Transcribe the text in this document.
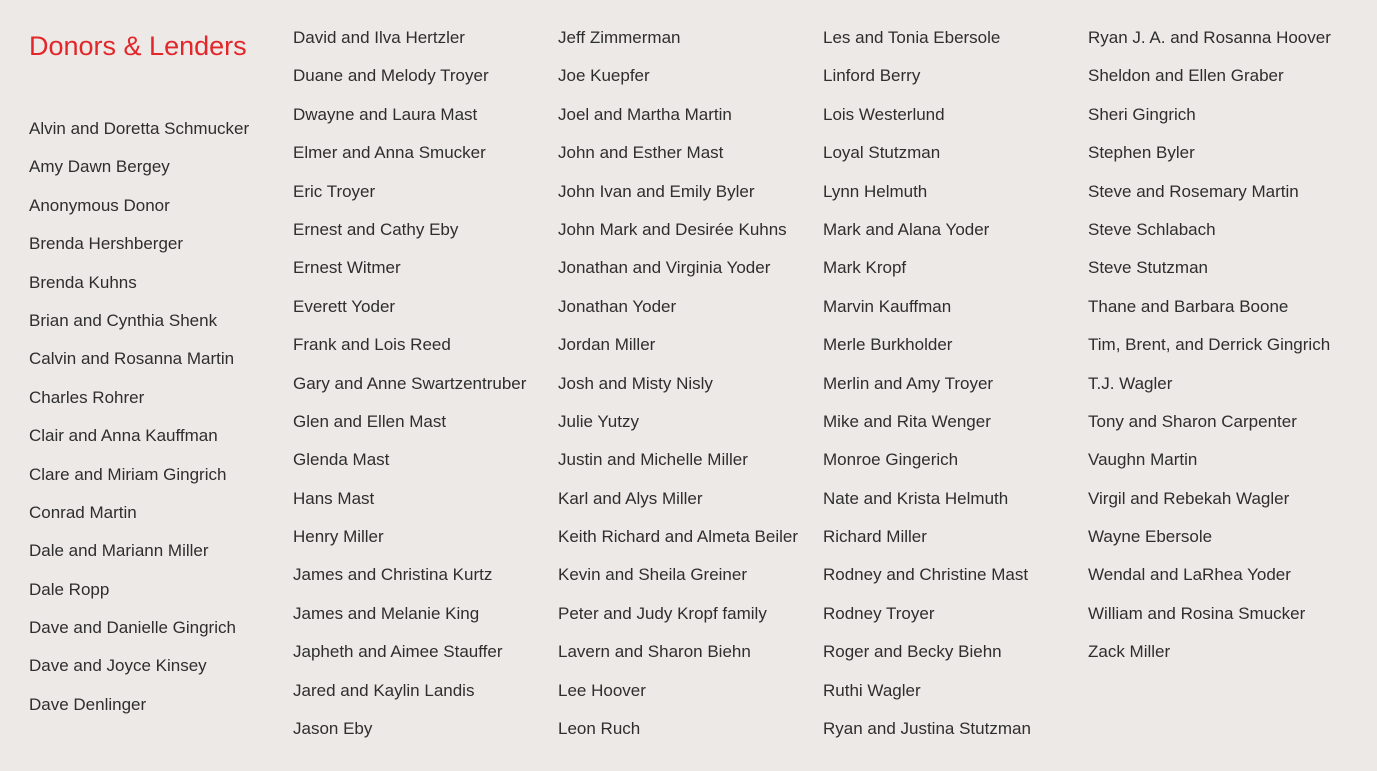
Donors & Lenders
Alvin and Doretta Schmucker
Amy Dawn Bergey
Anonymous Donor
Brenda Hershberger
Brenda Kuhns
Brian and Cynthia Shenk
Calvin and Rosanna Martin
Charles Rohrer
Clair and Anna Kauffman
Clare and Miriam Gingrich
Conrad Martin
Dale and Mariann Miller
Dale Ropp
Dave and Danielle Gingrich
Dave and Joyce Kinsey
Dave Denlinger
David and Ilva Hertzler
Duane and Melody Troyer
Dwayne and Laura Mast
Elmer and Anna Smucker
Eric Troyer
Ernest and Cathy Eby
Ernest Witmer
Everett Yoder
Frank and Lois Reed
Gary and Anne Swartzentruber
Glen and Ellen Mast
Glenda Mast
Hans Mast
Henry Miller
James and Christina Kurtz
James and Melanie King
Japheth and Aimee Stauffer
Jared and Kaylin Landis
Jason Eby
Jeff Zimmerman
Joe Kuepfer
Joel and Martha Martin
John and Esther Mast
John Ivan and Emily Byler
John Mark and Desirée Kuhns
Jonathan and Virginia Yoder
Jonathan Yoder
Jordan Miller
Josh and Misty Nisly
Julie Yutzy
Justin and Michelle Miller
Karl and Alys Miller
Keith Richard and Almeta Beiler
Kevin and Sheila Greiner
Peter and Judy Kropf family
Lavern and Sharon Biehn
Lee Hoover
Leon Ruch
Les and Tonia Ebersole
Linford Berry
Lois Westerlund
Loyal Stutzman
Lynn Helmuth
Mark and Alana Yoder
Mark Kropf
Marvin Kauffman
Merle Burkholder
Merlin and Amy Troyer
Mike and Rita Wenger
Monroe Gingerich
Nate and Krista Helmuth
Richard Miller
Rodney and Christine Mast
Rodney Troyer
Roger and Becky Biehn
Ruthi Wagler
Ryan and Justina Stutzman
Ryan J. A. and Rosanna Hoover
Sheldon and Ellen Graber
Sheri Gingrich
Stephen Byler
Steve and Rosemary Martin
Steve Schlabach
Steve Stutzman
Thane and Barbara Boone
Tim, Brent, and Derrick Gingrich
T.J. Wagler
Tony and Sharon Carpenter
Vaughn Martin
Virgil and Rebekah Wagler
Wayne Ebersole
Wendal and LaRhea Yoder
William and Rosina Smucker
Zack Miller
